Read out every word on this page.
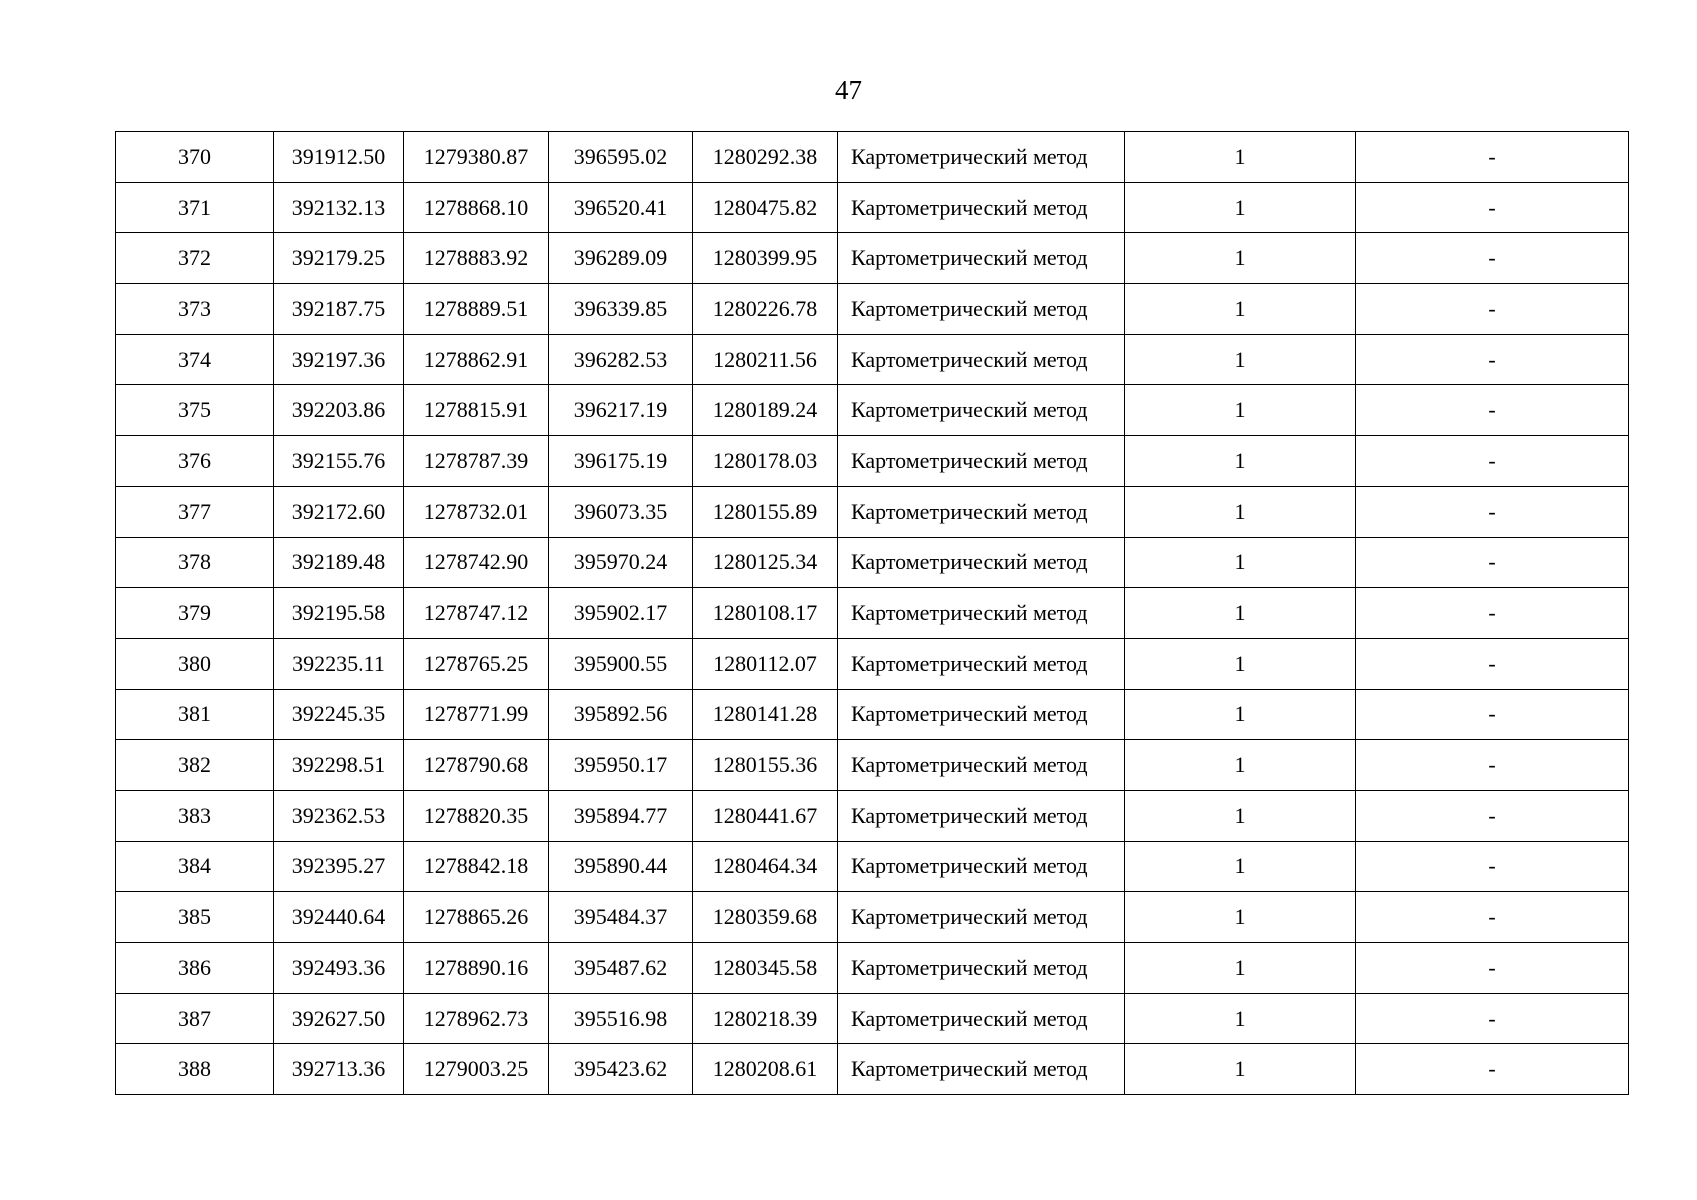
47
370	391912.50	1279380.87	396595.02	1280292.38	Картометрический метод	1	-
371	392132.13	1278868.10	396520.41	1280475.82	Картометрический метод	1	-
372	392179.25	1278883.92	396289.09	1280399.95	Картометрический метод	1	-
373	392187.75	1278889.51	396339.85	1280226.78	Картометрический метод	1	-
374	392197.36	1278862.91	396282.53	1280211.56	Картометрический метод	1	-
375	392203.86	1278815.91	396217.19	1280189.24	Картометрический метод	1	-
376	392155.76	1278787.39	396175.19	1280178.03	Картометрический метод	1	-
377	392172.60	1278732.01	396073.35	1280155.89	Картометрический метод	1	-
378	392189.48	1278742.90	395970.24	1280125.34	Картометрический метод	1	-
379	392195.58	1278747.12	395902.17	1280108.17	Картометрический метод	1	-
380	392235.11	1278765.25	395900.55	1280112.07	Картометрический метод	1	-
381	392245.35	1278771.99	395892.56	1280141.28	Картометрический метод	1	-
382	392298.51	1278790.68	395950.17	1280155.36	Картометрический метод	1	-
383	392362.53	1278820.35	395894.77	1280441.67	Картометрический метод	1	-
384	392395.27	1278842.18	395890.44	1280464.34	Картометрический метод	1	-
385	392440.64	1278865.26	395484.37	1280359.68	Картометрический метод	1	-
386	392493.36	1278890.16	395487.62	1280345.58	Картометрический метод	1	-
387	392627.50	1278962.73	395516.98	1280218.39	Картометрический метод	1	-
388	392713.36	1279003.25	395423.62	1280208.61	Картометрический метод	1	-
